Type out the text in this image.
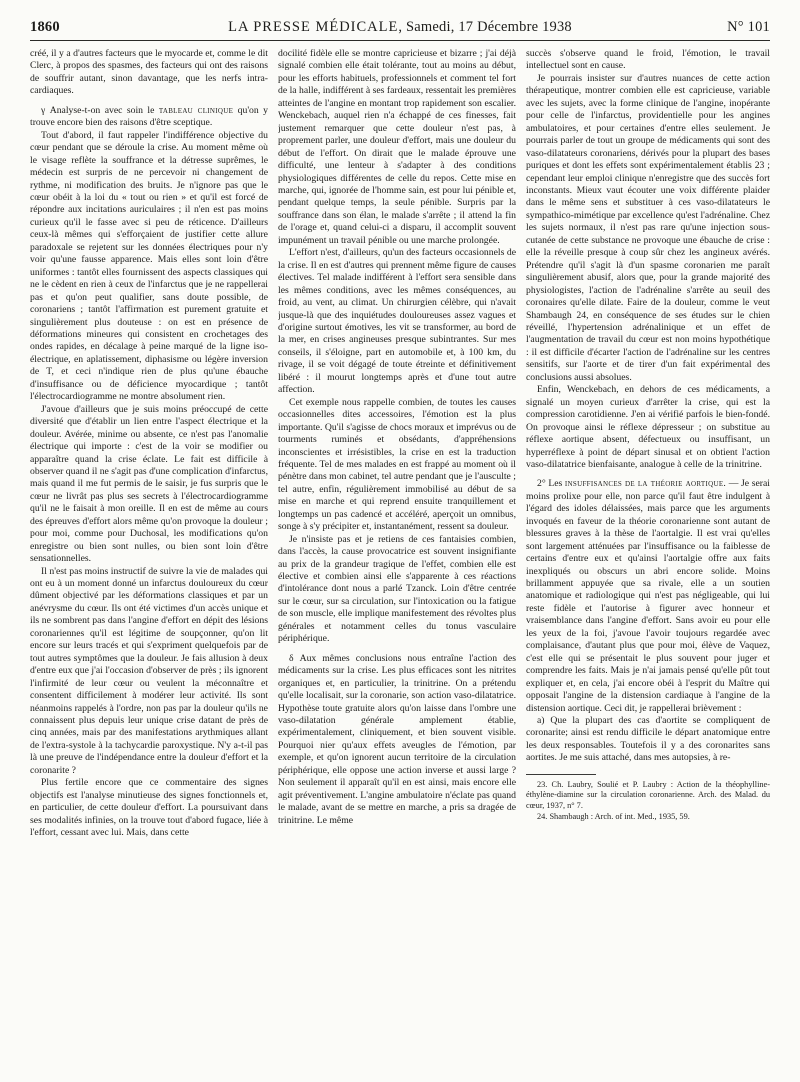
1860	LA PRESSE MÉDICALE, Samedi, 17 Décembre 1938	N° 101

créé, il y a d'autres facteurs que le myocarde et, comme le dit Clerc, à propos des spasmes, des facteurs qui ont des raisons de souffrir autant, sinon davantage, que les nerfs intra-cardiaques.

γ Analyse-t-on avec soin le tableau clinique qu'on y trouve encore bien des raisons d'être sceptique.

Tout d'abord, il faut rappeler l'indifférence objective du cœur pendant que se déroule la crise. Au moment même où le visage reflète la souffrance et la détresse suprêmes, le médecin est surpris de ne percevoir ni changement de rythme, ni modification des bruits. Je n'ignore pas que le cœur obéit à la loi du « tout ou rien » et qu'il est forcé de répondre aux incitations auriculaires ; il n'en est pas moins curieux qu'il le fasse avec si peu de réticence. D'ailleurs ceux-là mêmes qui s'efforçaient de justifier cette allure paradoxale se rejetent sur les données électriques pour n'y voir qu'une fausse apparence. Mais elles sont loin d'être uniformes : tantôt elles fournissent des aspects classiques qui ne le cèdent en rien à ceux de l'infarctus que je ne rappellerai pas et qu'on peut qualifier, sans doute possible, de coronariens ; tantôt l'affirmation est purement gratuite et singulièrement plus douteuse : on est en présence de déformations mineures qui consistent en crochetages des ondes rapides, en décalage à peine marqué de la ligne iso-électrique, en aplatissement, diphasisme ou légère inversion de T, et ceci n'indique rien de plus qu'une ébauche d'insuffisance ou de déficience myocardique ; tantôt l'électrocardiogramme ne montre absolument rien.

J'avoue d'ailleurs que je suis moins préoccupé de cette diversité que d'établir un lien entre l'aspect électrique et la douleur. Avérée, minime ou absente, ce n'est pas l'anomalie électrique qui importe : c'est de la voir se modifier ou apparaître quand la crise éclate. Le fait est difficile à observer quand il ne s'agit pas d'une complication d'infarctus, mais quand il me fut permis de le saisir, je fus surpris que le cœur ne livrât pas plus ses secrets à l'électrocardiogramme qu'il ne le faisait à mon oreille. Il en est de même au cours des épreuves d'effort alors même qu'on provoque la douleur ; pour moi, comme pour Duchosal, les modifications qu'on enregistre ou bien sont nulles, ou bien sont loin d'être sensationnelles.

Il n'est pas moins instructif de suivre la vie de malades qui ont eu à un moment donné un infarctus douloureux du cœur dûment objectivé par les déformations classiques et par un anévrysme du cœur. Ils ont été victimes d'un accès unique et ils ne sombrent pas dans l'angine d'effort en dépit des lésions coronariennes qu'il est légitime de soupçonner, qu'on lit encore sur leurs tracés et qui s'expriment quelquefois par de tout autres symptômes que la douleur. Je fais allusion à deux d'entre eux que j'ai l'occasion d'observer de près ; ils ignorent l'infirmité de leur cœur ou veulent la méconnaître et consentent difficilement à modérer leur activité. Ils sont néanmoins rappelés à l'ordre, non pas par la douleur qu'ils ne connaissent plus depuis leur unique crise datant de près de cinq années, mais par des manifestations arythmiques allant de l'extra-systole à la tachycardie paroxystique. N'y a-t-il pas là une preuve de l'indépendance entre la douleur d'effort et la coronarite ?

Plus fertile encore que ce commentaire des signes objectifs est l'analyse minutieuse des signes fonctionnels et, en particulier, de cette douleur d'effort. La poursuivant dans ses modalités infinies, on la trouve tout d'abord fugace, liée à l'effort, cessant avec lui. Mais, dans cette

docilité fidèle elle se montre capricieuse et bizarre ; j'ai déjà signalé combien elle était tolérante, tout au moins au début, pour les efforts habituels, professionnels et comment tel fort de la halle, indifférent à ses fardeaux, ressentait les premières atteintes de l'angine en montant trop rapidement son escalier. Wenckebach, auquel rien n'a échappé de ces finesses, fait justement remarquer que cette douleur n'est pas, à proprement parler, une douleur d'effort, mais une douleur du début de l'effort. On dirait que le malade éprouve une difficulté, une lenteur à s'adapter à des conditions physiologiques différentes de celle du repos. Cette mise en marche, qui, ignorée de l'homme sain, est pour lui pénible et, pendant quelque temps, la seule pénible. Surpris par la souffrance dans son élan, le malade s'arrête ; il attend la fin de l'orage et, quand celui-ci a disparu, il accomplit souvent impunément un travail pénible ou une marche prolongée.

L'effort n'est, d'ailleurs, qu'un des facteurs occasionnels de la crise. Il en est d'autres qui prennent même figure de causes électives. Tel malade indifférent à l'effort sera sensible dans les mêmes conditions, avec les mêmes conséquences, au froid, au vent, au climat. Un chirurgien célèbre, qui n'avait jusque-là que des inquiétudes douloureuses assez vagues et d'origine surtout émotives, les vit se transformer, au bord de la mer, en crises angineuses presque subintrantes. Sur mes conseils, il s'éloigne, part en automobile et, à 100 km, du rivage, il se voit dégagé de toute étreinte et définitivement libéré : il mourut longtemps après et d'une tout autre affection.

Cet exemple nous rappelle combien, de toutes les causes occasionnelles dites accessoires, l'émotion est la plus importante. Qu'il s'agisse de chocs moraux et imprévus ou de tourments ruminés et obsédants, d'appréhensions inconscientes et irrésistibles, la crise en est la traduction fréquente. Tel de mes malades en est frappé au moment où il pénètre dans mon cabinet, tel autre pendant que je l'ausculte ; tel autre, enfin, régulièrement immobilisé au début de sa mise en marche et qui reprend ensuite tranquillement et longtemps un pas cadencé et accéléré, aperçoit un omnibus, songe à s'y précipiter et, instantanément, ressent sa douleur.

Je n'insiste pas et je retiens de ces fantaisies combien, dans l'accès, la cause provocatrice est souvent insignifiante au prix de la grandeur tragique de l'effet, combien elle est élective et combien ainsi elle s'apparente à ces réactions d'intolérance dont nous a parlé Tzanck. Loin d'être centrée sur le cœur, sur sa circulation, sur l'intoxication ou la fatigue de son muscle, elle implique manifestement des révoltes plus générales et notamment celles du tonus vasculaire périphérique.

δ Aux mêmes conclusions nous entraîne l'action des médicaments sur la crise. Les plus efficaces sont les nitrites organiques et, en particulier, la trinitrine. On a prétendu qu'elle localisait, sur la coronarie, son action vaso-dilatatrice. Hypothèse toute gratuite alors qu'on laisse dans l'ombre une vaso-dilatation générale amplement établie, expérimentalement, cliniquement, et bien souvent visible. Pourquoi nier qu'aux effets aveugles de l'émotion, par exemple, et qu'on ignorent aucun territoire de la circulation périphérique, elle oppose une action inverse et aussi large ? Non seulement il apparaît qu'il en est ainsi, mais encore elle agit préventivement. L'angine ambulatoire n'éclate pas quand le malade, avant de se mettre en marche, a pris sa dragée de trinitrine. Le même

succès s'observe quand le froid, l'émotion, le travail intellectuel sont en cause.

Je pourrais insister sur d'autres nuances de cette action thérapeutique, montrer combien elle est capricieuse, variable avec les sujets, avec la forme clinique de l'angine, inopérante pour celle de l'infarctus, providentielle pour les angines ambulatoires, et pour certaines d'entre elles seulement. Je pourrais parler de tout un groupe de médicaments qui sont des vaso-dilatateurs coronariens, dérivés pour la plupart des bases puriques et dont les effets sont expérimentalement établis 23 ; cependant leur emploi clinique n'enregistre que des succès fort inconstants. Mieux vaut écouter une voix différente plaider dans le même sens et substituer à ces vaso-dilatateurs le sympathico-mimétique par excellence qu'est l'adrénaline. Chez les sujets normaux, il n'est pas rare qu'une injection sous-cutanée de cette substance ne provoque une ébauche de crise : elle la réveille presque à coup sûr chez les angineux avérés. Prétendre qu'il s'agit là d'un spasme coronarien me paraît singulièrement abusif, alors que, pour la grande majorité des physiologistes, l'action de l'adrénaline s'arrête au seuil des coronaires qu'elle dilate. Faire de la douleur, comme le veut Shambaugh 24, en conséquence de ses études sur le chien réveillé, l'hypertension adrénalinique et un effet de l'augmentation de travail du cœur est non moins hypothétique : il est difficile d'écarter l'action de l'adrénaline sur les centres sensitifs, sur l'aorte et de tirer d'un fait expérimental des conclusions aussi absolues.

Enfin, Wenckebach, en dehors de ces médicaments, a signalé un moyen curieux d'arrêter la crise, qui est la compression carotidienne. J'en ai vérifié parfois le bien-fondé. On provoque ainsi le réflexe dépresseur ; on substitue au réflexe aortique absent, défectueux ou insuffisant, un hyperréflexe à point de départ sinusal et on obtient l'action vaso-dilatatrice bienfaisante, analogue à celle de la trinitrine.

2° Les insuffisances de la théorie aortique. — Je serai moins prolixe pour elle, non parce qu'il faut être indulgent à l'égard des idoles délaissées, mais parce que les arguments invoqués en faveur de la théorie coronarienne sont autant de blessures graves à la thèse de l'aortalgie. Il est vrai qu'elles sont largement atténuées par l'insuffisance ou la faiblesse de certains d'entre eux et qu'ainsi l'aortalgie offre aux faits inexpliqués ou obscurs un abri encore solide. Moins brillamment appuyée que sa rivale, elle a un soutien anatomique et radiologique qui n'est pas négligeable, qui lui reste fidèle et l'autorise à figurer avec honneur et vraisemblance dans l'angine d'effort. Sans avoir eu pour elle les yeux de la foi, j'avoue l'avoir toujours regardée avec complaisance, d'autant plus que pour moi, élève de Vaquez, c'est elle qui se présentait le plus souvent pour juger et comprendre les faits. Mais je n'ai jamais pensé qu'elle pût tout expliquer et, en cela, j'ai encore obéi à l'esprit du Maître qui opposait l'angine de la distension cardiaque à l'angine de la distension aortique. Ceci dit, je rappellerai brièvement :

a) Que la plupart des cas d'aortite se compliquent de coronarite; ainsi est rendu difficile le départ anatomique entre les deux responsables. Toutefois il y a des coronarites sans aortites. Je me suis attaché, dans mes autopsies, à re-

23. Ch. Laubry, Soulié et P. Laubry : Action de la théophylline-éthylène-diamine sur la circulation coronarienne. Arch. des Malad. du cœur, 1937, n° 7.

24. Shambaugh : Arch. of int. Med., 1935, 59.
